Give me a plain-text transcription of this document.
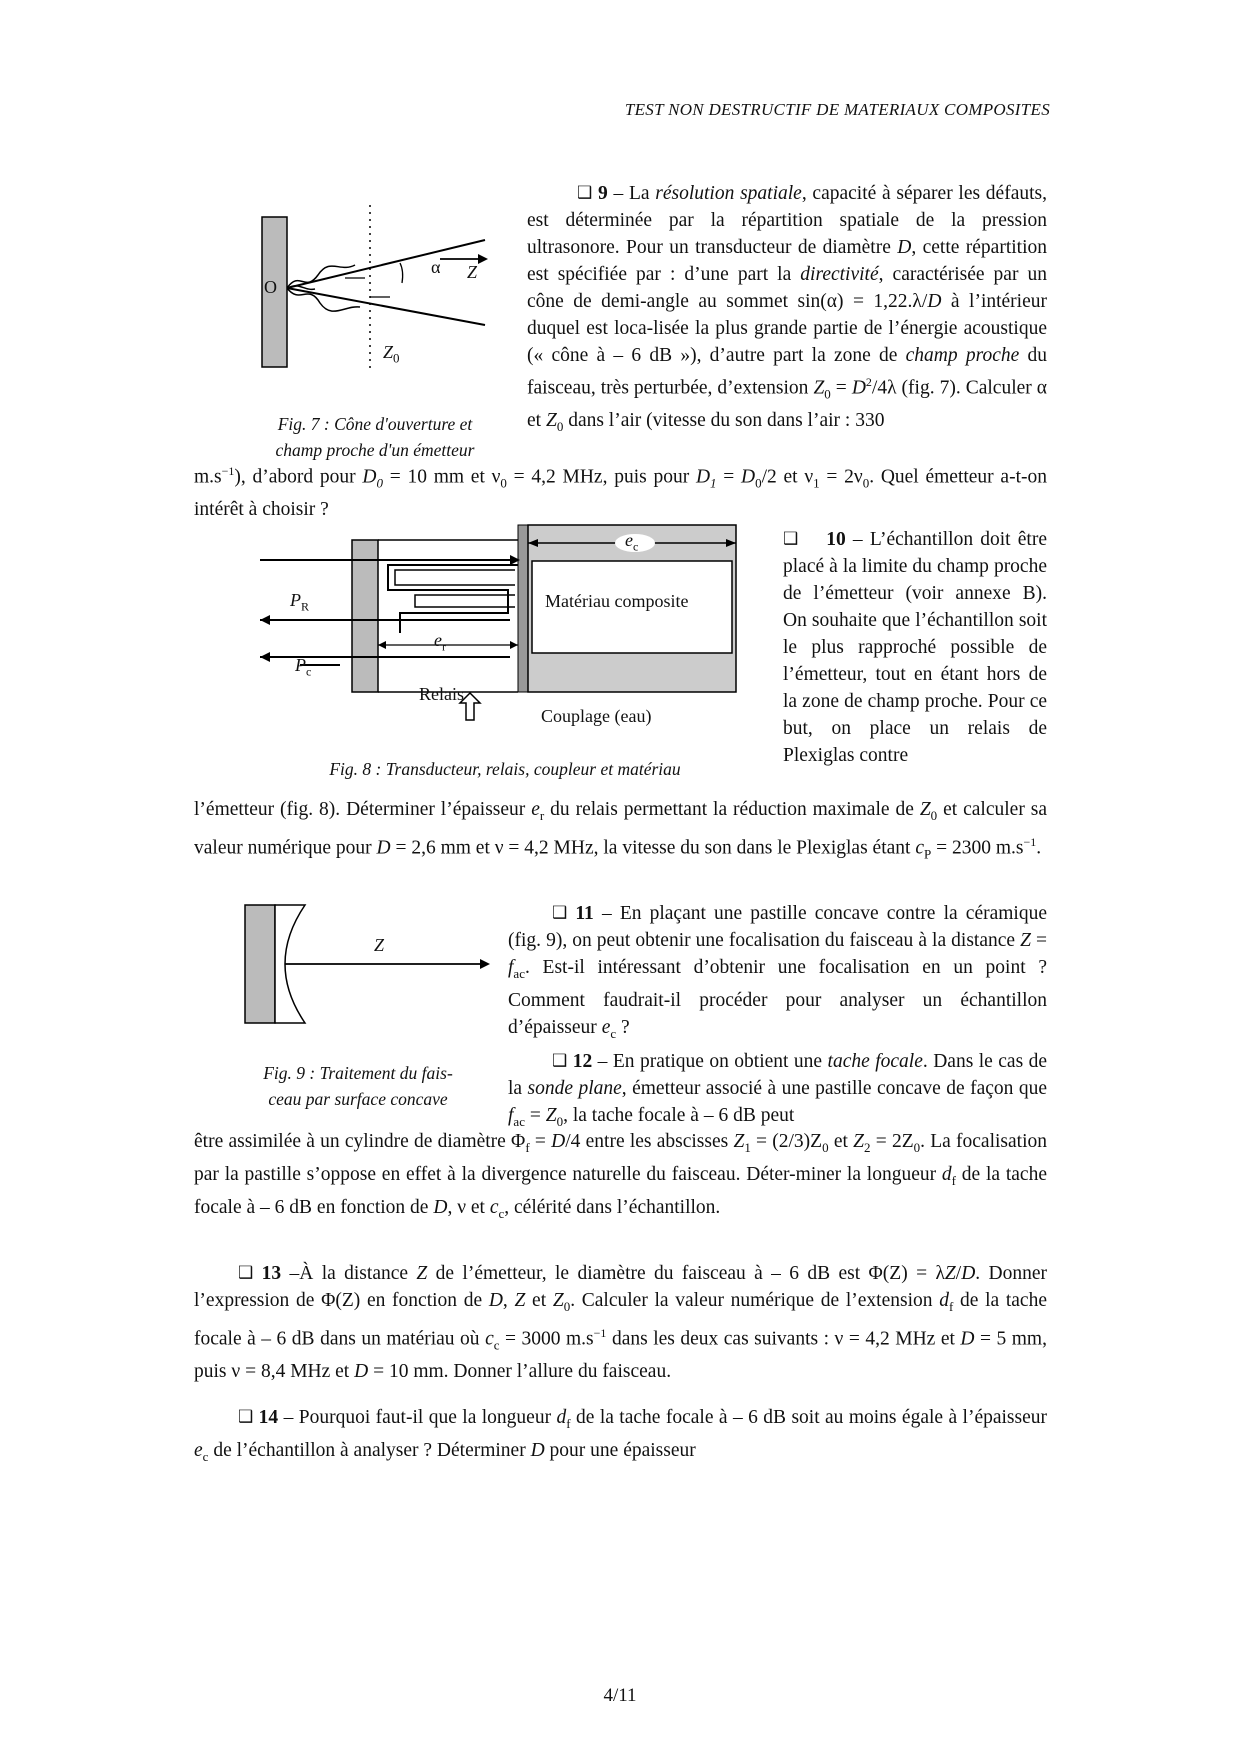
TEST NON DESTRUCTIF DE MATERIAUX COMPOSITES
O
α Z
$Z_0$
Fig. 7 : Cône d'ouverture et
champ proche d'un émetteur
❑ 9 – La résolution spatiale, capacité à séparer les défauts, est déterminée par la répartition spatiale de la pression ultrasonore. Pour un transducteur de diamètre D, cette répartition est spécifiée par : d’une part la directivité, caractérisée par un cône de demi-angle au sommet sin(α) = 1,22.λ/D à l’intérieur duquel est loca-lisée la plus grande partie de l’énergie acoustique (« cône à – 6 dB »), d’autre part la zone de champ proche du faisceau, très perturbée, d’extension $Z_0 = D^2/4\lambda$ (fig. 7). Calculer α et $Z_0$ dans l’air (vitesse du son dans l’air : 330
$m.s^{-1}$), d’abord pour $D_0 = 10$ mm et $\nu_0 = 4,2$ MHz, puis pour $D_1 = D_0/2$ et $\nu_1 = 2\nu_0$. Quel émetteur a-t-on intérêt à choisir ?
$e_c$
Matériau composite
$P_R$
$e_r$
$P_c$
Relais
Couplage (eau)
Fig. 8 : Transducteur, relais, coupleur et matériau
❑ 10 – L’échantillon doit être placé à la limite du champ proche de l’émetteur (voir annexe B). On souhaite que l’échantillon soit le plus rapproché possible de l’émetteur, tout en étant hors de la zone de champ proche. Pour ce but, on place un relais de Plexiglas contre
l’émetteur (fig. 8). Déterminer l’épaisseur $e_r$ du relais permettant la réduction maximale de $Z_0$ et calculer sa valeur numérique pour D = 2,6 mm et ν = 4,2 MHz, la vitesse du son dans le Plexiglas étant $c_P = 2300$ $m.s^{-1}$.
Z
Fig. 9 : Traitement du fais-
ceau par surface concave
❑ 11 – En plaçant une pastille concave contre la céramique (fig. 9), on peut obtenir une focalisation du faisceau à la distance $Z = f_{ac}$. Est-il intéressant d’obtenir une focalisation en un point ? Comment faudrait-il procéder pour analyser un échantillon d’épaisseur $e_c$ ?
❑ 12 – En pratique on obtient une tache focale. Dans le cas de la sonde plane, émetteur associé à une pastille concave de façon que $f_{ac} = Z_0$, la tache focale à – 6 dB peut
être assimilée à un cylindre de diamètre $\Phi_f = D/4$ entre les abscisses $Z_1 = (2/3)Z_0$ et $Z_2 = 2Z_0$. La focalisation par la pastille s’oppose en effet à la divergence naturelle du faisceau. Déter-miner la longueur $d_f$ de la tache focale à – 6 dB en fonction de D, ν et $c_c$, célérité dans l’échantillon.
❑ 13 –À la distance Z de l’émetteur, le diamètre du faisceau à – 6 dB est Φ(Z) = λZ/D. Donner l’expression de Φ(Z) en fonction de D, Z et $Z_0$. Calculer la valeur numérique de l’extension $d_f$ de la tache focale à – 6 dB dans un matériau où $c_c = 3000$ $m.s^{-1}$ dans les deux cas suivants : ν = 4,2 MHz et D = 5 mm, puis ν = 8,4 MHz et D = 10 mm. Donner l’allure du faisceau.
❑ 14 – Pourquoi faut-il que la longueur $d_f$ de la tache focale à – 6 dB soit au moins égale à l’épaisseur $e_c$ de l’échantillon à analyser ? Déterminer D pour une épaisseur
4/11
